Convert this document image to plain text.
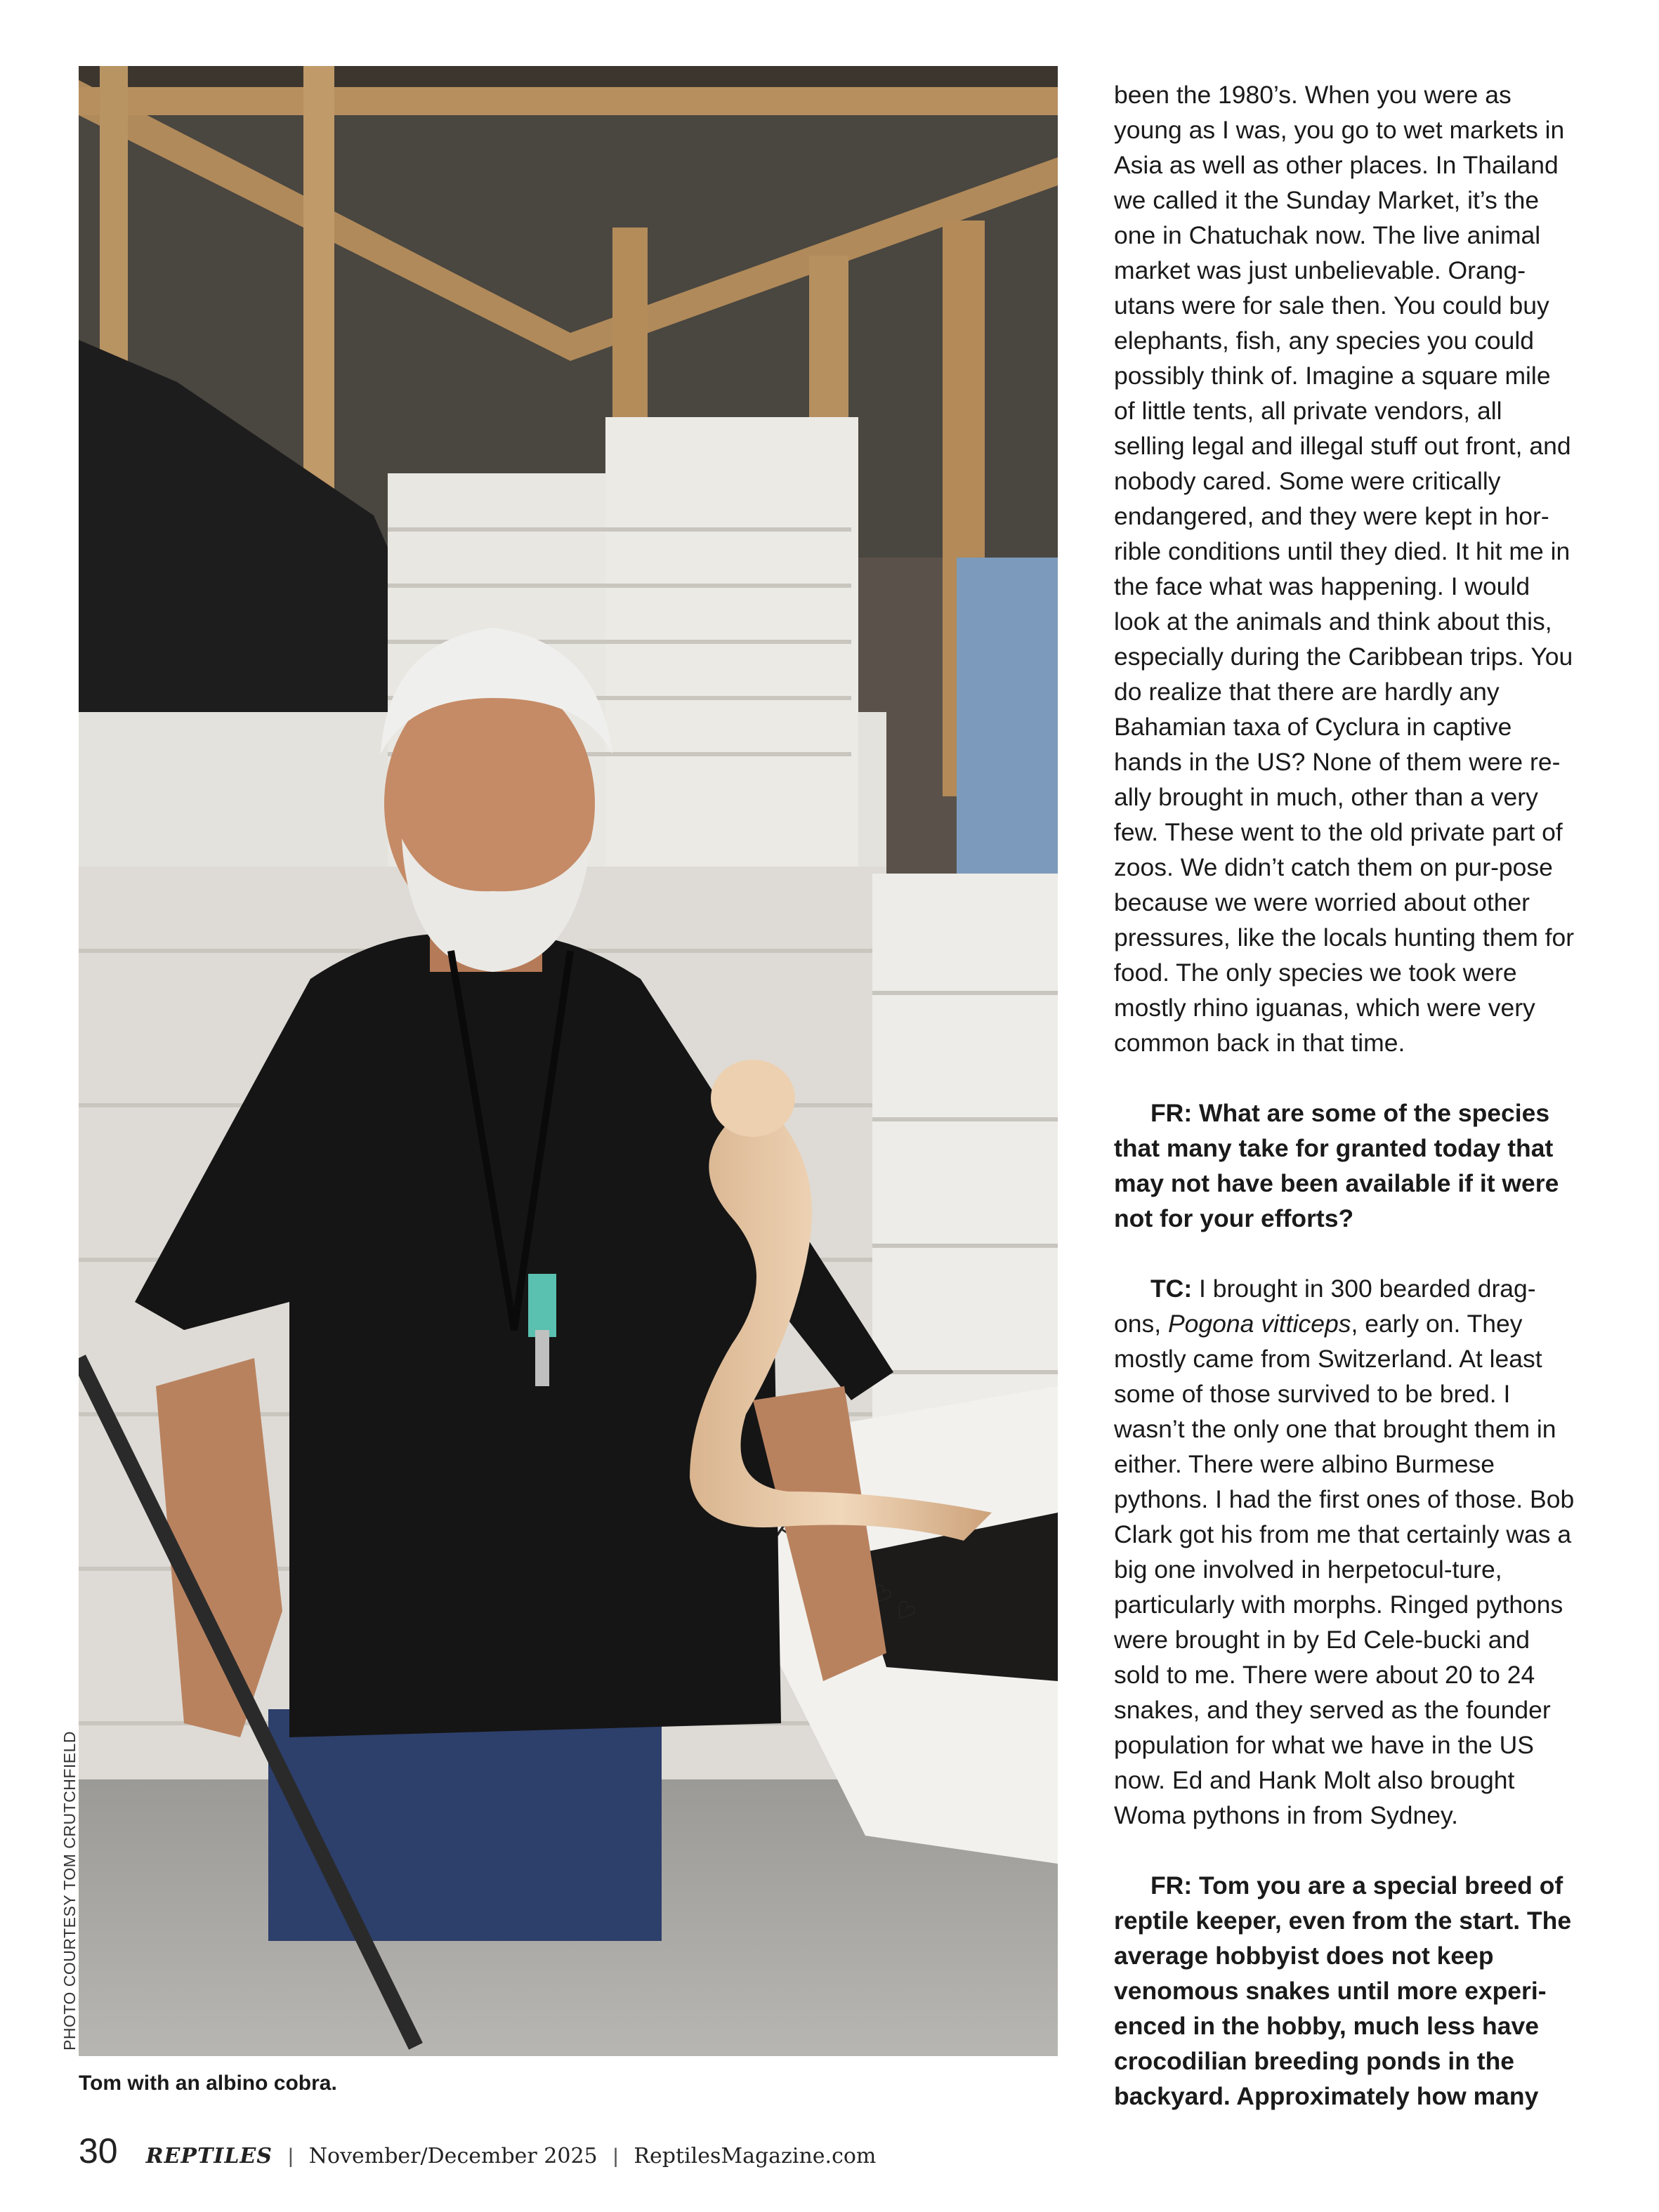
♡ ♡
PHOTO COURTESY TOM CRUTCHFIELD
Tom with an albino cobra.

been the 1980’s. When you were as young as I was, you go to wet markets in Asia as well as other places. In Thailand we called it the Sunday Market, it’s the one in Chatuchak now. The live animal market was just unbelievable. Orang-utans were for sale then. You could buy elephants, fish, any species you could possibly think of. Imagine a square mile of little tents, all private vendors, all selling legal and illegal stuff out front, and nobody cared. Some were critically endangered, and they were kept in hor-rible conditions until they died. It hit me in the face what was happening. I would look at the animals and think about this, especially during the Caribbean trips. You do realize that there are hardly any Bahamian taxa of Cyclura in captive hands in the US? None of them were re-ally brought in much, other than a very few. These went to the old private part of zoos. We didn’t catch them on pur-pose because we were worried about other pressures, like the locals hunting them for food. The only species we took were mostly rhino iguanas, which were very common back in that time.

FR: What are some of the species that many take for granted today that may not have been available if it were not for your efforts?

TC: I brought in 300 bearded drag-ons, Pogona vitticeps, early on. They mostly came from Switzerland. At least some of those survived to be bred. I wasn’t the only one that brought them in either. There were albino Burmese pythons. I had the first ones of those. Bob Clark got his from me that certainly was a big one involved in herpetocul-ture, particularly with morphs. Ringed pythons were brought in by Ed Cele-bucki and sold to me. There were about 20 to 24 snakes, and they served as the founder population for what we have in the US now. Ed and Hank Molt also brought Woma pythons in from Sydney.

FR: Tom you are a special breed of reptile keeper, even from the start. The average hobbyist does not keep venomous snakes until more experi-enced in the hobby, much less have crocodilian breeding ponds in the backyard. Approximately how many

30 REPTILES | November/December 2025 | ReptilesMagazine.com
